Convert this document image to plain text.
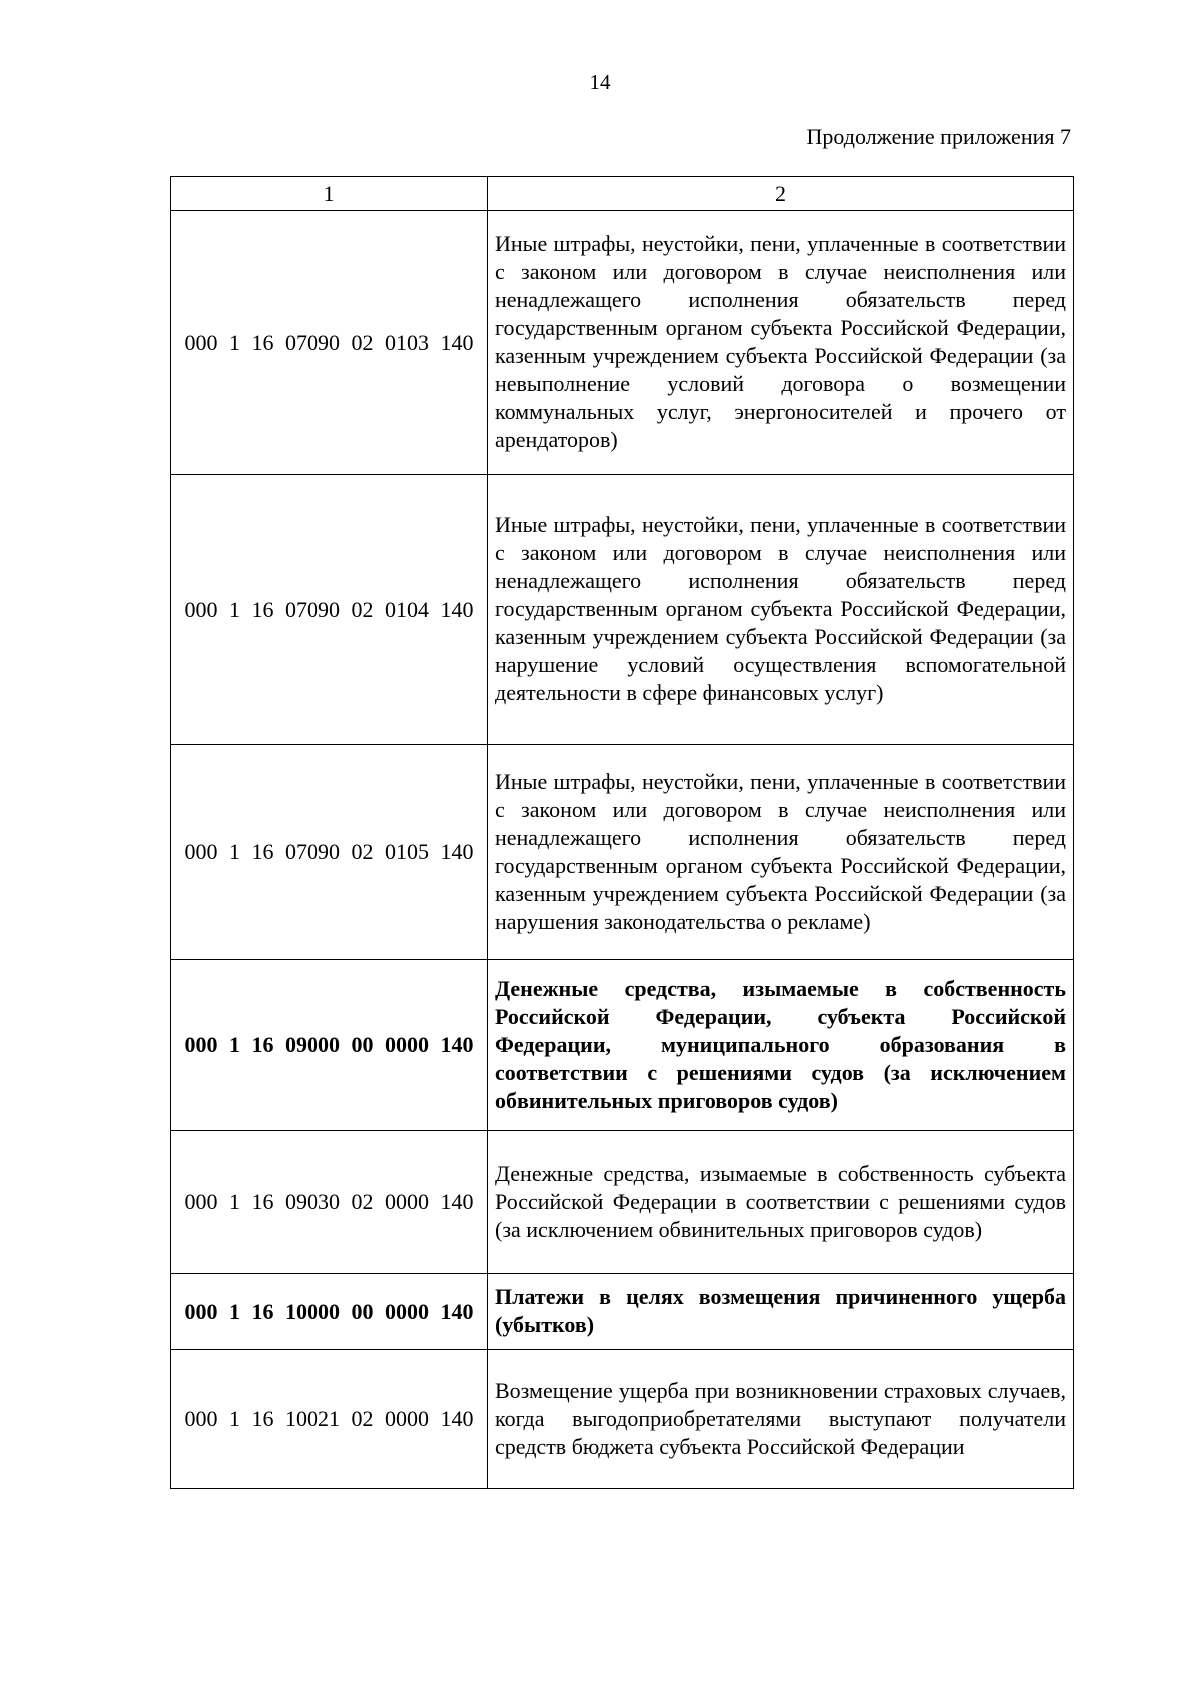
14
Продолжение приложения 7
1	2
000 1 16 07090 02 0103 140	Иные штрафы, неустойки, пени, уплаченные в соответствии с законом или договором в случае неисполнения или ненадлежащего исполнения обязательств перед государственным органом субъекта Российской Федерации, казенным учреждением субъекта Российской Федерации (за невыполнение условий договора о возмещении коммунальных услуг, энергоносителей и прочего от арендаторов)
000 1 16 07090 02 0104 140	Иные штрафы, неустойки, пени, уплаченные в соответствии с законом или договором в случае неисполнения или ненадлежащего исполнения обязательств перед государственным органом субъекта Российской Федерации, казенным учреждением субъекта Российской Федерации (за нарушение условий осуществления вспомогательной деятельности в сфере финансовых услуг)
000 1 16 07090 02 0105 140	Иные штрафы, неустойки, пени, уплаченные в соответствии с законом или договором в случае неисполнения или ненадлежащего исполнения обязательств перед государственным органом субъекта Российской Федерации, казенным учреждением субъекта Российской Федерации (за нарушения законодательства о рекламе)
000 1 16 09000 00 0000 140	Денежные средства, изымаемые в собственность Российской Федерации, субъекта Российской Федерации, муниципального образования в соответствии с решениями судов (за исключением обвинительных приговоров судов)
000 1 16 09030 02 0000 140	Денежные средства, изымаемые в собственность субъекта Российской Федерации в соответствии с решениями судов (за исключением обвинительных приговоров судов)
000 1 16 10000 00 0000 140	Платежи в целях возмещения причиненного ущерба (убытков)
000 1 16 10021 02 0000 140	Возмещение ущерба при возникновении страховых случаев, когда выгодоприобретателями выступают получатели средств бюджета субъекта Российской Федерации
